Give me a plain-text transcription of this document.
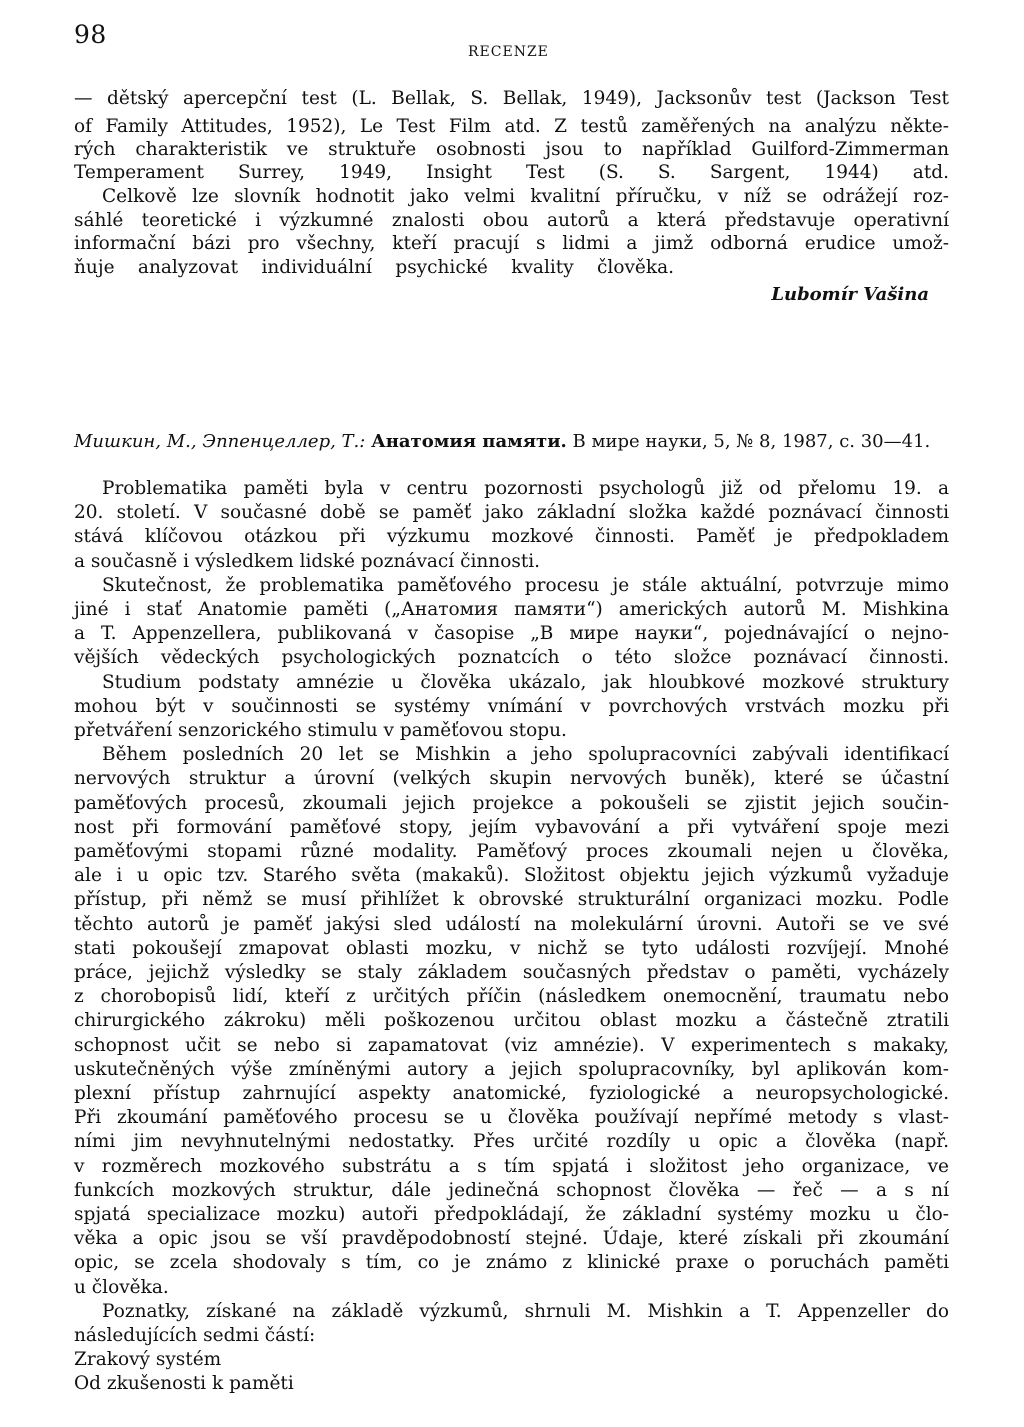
98
RECENZE
— dětský apercepční test (L. Bellak, S. Bellak, 1949), Jacksonův test (Jackson Test
of Family Attitudes, 1952), Le Test Film atd. Z testů zaměřených na analýzu někte-
rých charakteristik ve struktuře osobnosti jsou to například Guilford-Zimmerman
Temperament Surrey, 1949, Insight Test (S. S. Sargent, 1944) atd.
Celkově lze slovník hodnotit jako velmi kvalitní příručku, v níž se odrážejí roz-
sáhlé teoretické i výzkumné znalosti obou autorů a která představuje operativní
informační bázi pro všechny, kteří pracují s lidmi a jimž odborná erudice umož-
ňuje analyzovat individuální psychické kvality člověka.
Lubomír Vašina
Мишкин, М., Эппенцеллер, Т.: Анатомия памяти. В мире науки, 5, № 8, 1987, с. 30—41.
Problematika paměti byla v centru pozornosti psychologů již od přelomu 19. a
20. století. V současné době se paměť jako základní složka každé poznávací činnosti
stává klíčovou otázkou při výzkumu mozkové činnosti. Paměť je předpokladem
a současně i výsledkem lidské poznávací činnosti.
Skutečnost, že problematika paměťového procesu je stále aktuální, potvrzuje mimo
jiné i stať Anatomie paměti („Анатомия памяти“) amerických autorů M. Mishkina
a T. Appenzellera, publikovaná v časopise „В мире науки“, pojednávající o nejno-
vějších vědeckých psychologických poznatcích o této složce poznávací činnosti.
Studium podstaty amnézie u člověka ukázalo, jak hloubkové mozkové struktury
mohou být v součinnosti se systémy vnímání v povrchových vrstvách mozku při
přetváření senzorického stimulu v paměťovou stopu.
Během posledních 20 let se Mishkin a jeho spolupracovníci zabývali identifikací
nervových struktur a úrovní (velkých skupin nervových buněk), které se účastní
paměťových procesů, zkoumali jejich projekce a pokoušeli se zjistit jejich součin-
nost při formování paměťové stopy, jejím vybavování a při vytváření spoje mezi
paměťovými stopami různé modality. Paměťový proces zkoumali nejen u člověka,
ale i u opic tzv. Starého světa (makaků). Složitost objektu jejich výzkumů vyžaduje
přístup, při němž se musí přihlížet k obrovské strukturální organizaci mozku. Podle
těchto autorů je paměť jakýsi sled událostí na molekulární úrovni. Autoři se ve své
stati pokoušejí zmapovat oblasti mozku, v nichž se tyto události rozvíjejí. Mnohé
práce, jejichž výsledky se staly základem současných představ o paměti, vycházely
z chorobopisů lidí, kteří z určitých příčin (následkem onemocnění, traumatu nebo
chirurgického zákroku) měli poškozenou určitou oblast mozku a částečně ztratili
schopnost učit se nebo si zapamatovat (viz amnézie). V experimentech s makaky,
uskutečněných výše zmíněnými autory a jejich spolupracovníky, byl aplikován kom-
plexní přístup zahrnující aspekty anatomické, fyziologické a neuropsychologické.
Při zkoumání paměťového procesu se u člověka používají nepřímé metody s vlast-
ními jim nevyhnutelnými nedostatky. Přes určité rozdíly u opic a člověka (např.
v rozměrech mozkového substrátu a s tím spjatá i složitost jeho organizace, ve
funkcích mozkových struktur, dále jedinečná schopnost člověka — řeč — a s ní
spjatá specializace mozku) autoři předpokládají, že základní systémy mozku u člo-
věka a opic jsou se vší pravděpodobností stejné. Údaje, které získali při zkoumání
opic, se zcela shodovaly s tím, co je známo z klinické praxe o poruchách paměti
u člověka.
Poznatky, získané na základě výzkumů, shrnuli M. Mishkin a T. Appenzeller do
následujících sedmi částí:
Zrakový systém
Od zkušenosti k paměti
